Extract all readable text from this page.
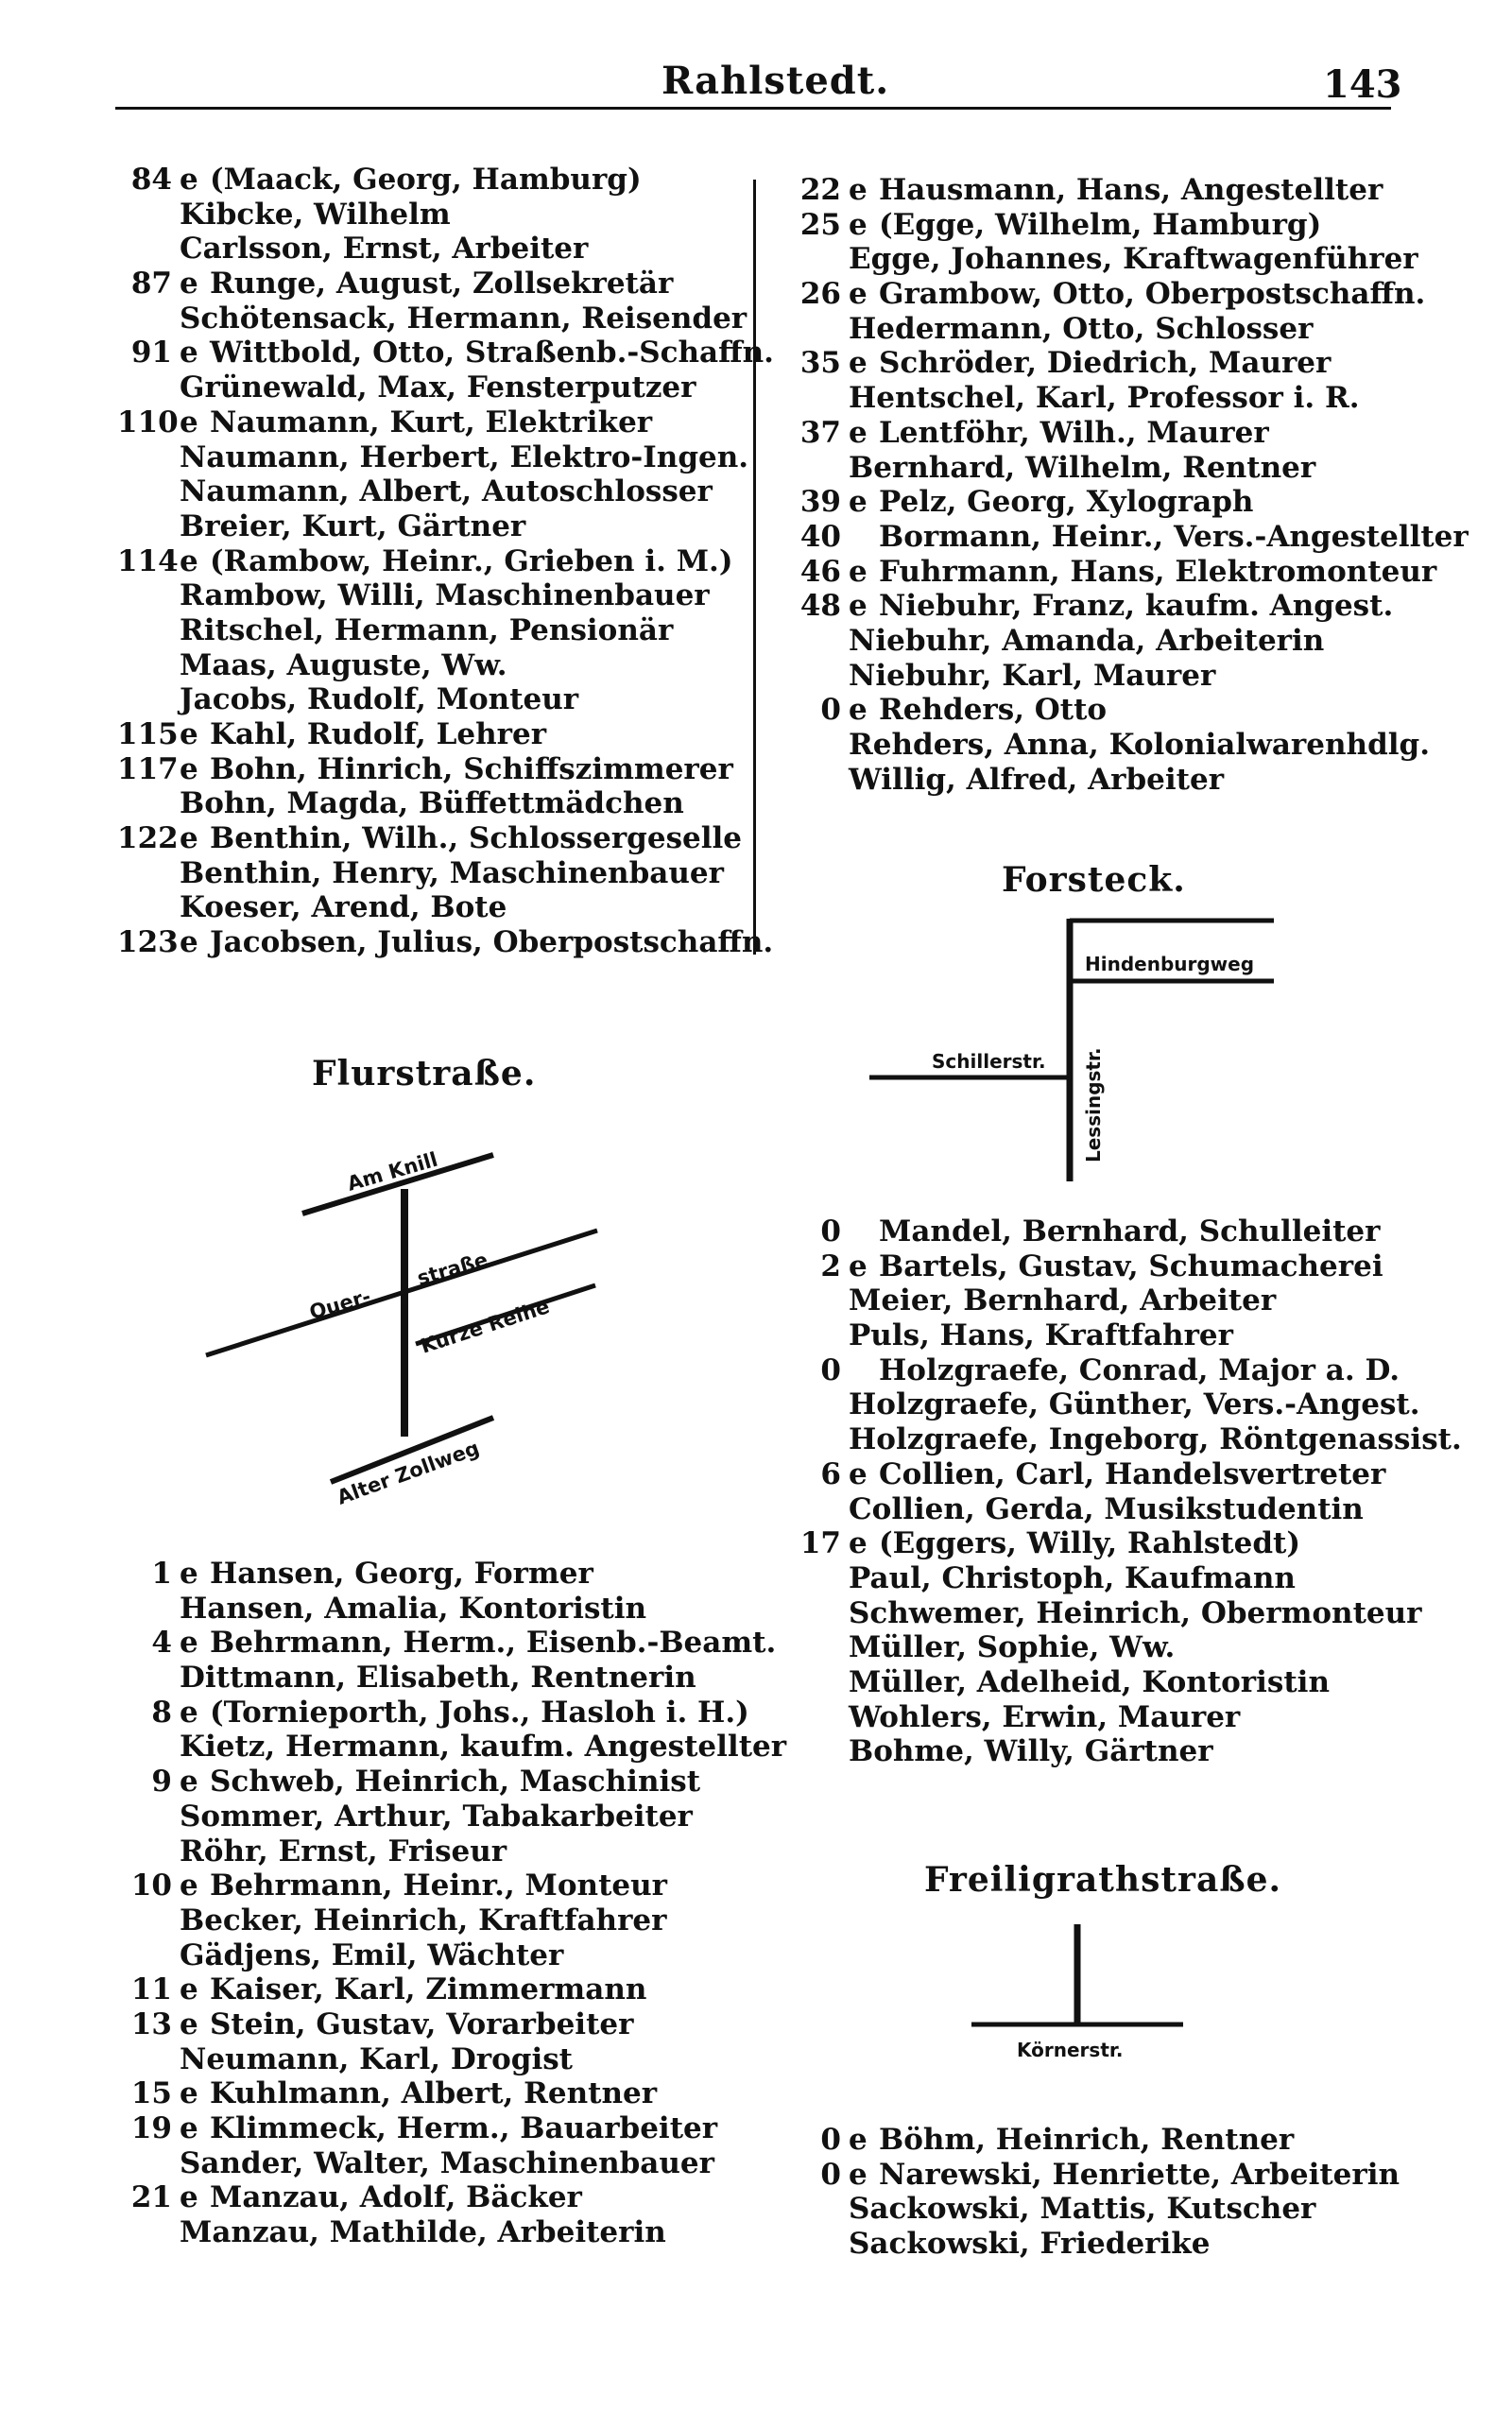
Rahlstedt.	143
84 e (Maack, Georg, Hamburg)
Kibcke, Wilhelm
Carlsson, Ernst, Arbeiter
87 e Runge, August, Zollsekretär
Schötensack, Hermann, Reisender
91 e Wittbold, Otto, Straßenb.-Schaffn.
Grünewald, Max, Fensterputzer
110e Naumann, Kurt, Elektriker
Naumann, Herbert, Elektro-Ingen.
Naumann, Albert, Autoschlosser
Breier, Kurt, Gärtner
114e (Rambow, Heinr., Grieben i. M.)
Rambow, Willi, Maschinenbauer
Ritschel, Hermann, Pensionär
Maas, Auguste, Ww.
Jacobs, Rudolf, Monteur
115e Kahl, Rudolf, Lehrer
117e Bohn, Hinrich, Schiffszimmerer
Bohn, Magda, Büffettmädchen
122e Benthin, Wilh., Schlossergeselle
Benthin, Henry, Maschinenbauer
Koeser, Arend, Bote
123e Jacobsen, Julius, Oberpostschaffn.
Flurstraße.
Am Knill
Quer-
straße
Kurze Reihe
Alter Zollweg
1 e Hansen, Georg, Former
Hansen, Amalia, Kontoristin
4 e Behrmann, Herm., Eisenb.-Beamt.
Dittmann, Elisabeth, Rentnerin
8 e (Tornieporth, Johs., Hasloh i. H.)
Kietz, Hermann, kaufm. Angestellter
9 e Schweb, Heinrich, Maschinist
Sommer, Arthur, Tabakarbeiter
Röhr, Ernst, Friseur
10 e Behrmann, Heinr., Monteur
Becker, Heinrich, Kraftfahrer
Gädjens, Emil, Wächter
11 e Kaiser, Karl, Zimmermann
13 e Stein, Gustav, Vorarbeiter
Neumann, Karl, Drogist
15 e Kuhlmann, Albert, Rentner
19 e Klimmeck, Herm., Bauarbeiter
Sander, Walter, Maschinenbauer
21 e Manzau, Adolf, Bäcker
Manzau, Mathilde, Arbeiterin
22 e Hausmann, Hans, Angestellter
25 e (Egge, Wilhelm, Hamburg)
Egge, Johannes, Kraftwagenführer
26 e Grambow, Otto, Oberpostschaffn.
Hedermann, Otto, Schlosser
35 e Schröder, Diedrich, Maurer
Hentschel, Karl, Professor i. R.
37 e Lentföhr, Wilh., Maurer
Bernhard, Wilhelm, Rentner
39 e Pelz, Georg, Xylograph
40 Bormann, Heinr., Vers.-Angestellter
46 e Fuhrmann, Hans, Elektromonteur
48 e Niebuhr, Franz, kaufm. Angest.
Niebuhr, Amanda, Arbeiterin
Niebuhr, Karl, Maurer
0 e Rehders, Otto
Rehders, Anna, Kolonialwarenhdlg.
Willig, Alfred, Arbeiter
Forsteck.
Hindenburgweg
Schillerstr. Lessingstr.
0 Mandel, Bernhard, Schulleiter
2 e Bartels, Gustav, Schumacherei
Meier, Bernhard, Arbeiter
Puls, Hans, Kraftfahrer
0 Holzgraefe, Conrad, Major a. D.
Holzgraefe, Günther, Vers.-Angest.
Holzgraefe, Ingeborg, Röntgenassist.
6 e Collien, Carl, Handelsvertreter
Collien, Gerda, Musikstudentin
17 e (Eggers, Willy, Rahlstedt)
Paul, Christoph, Kaufmann
Schwemer, Heinrich, Obermonteur
Müller, Sophie, Ww.
Müller, Adelheid, Kontoristin
Wohlers, Erwin, Maurer
Bohme, Willy, Gärtner
Freiligrathstraße.
Körnerstr.
0 e Böhm, Heinrich, Rentner
0 e Narewski, Henriette, Arbeiterin
Sackowski, Mattis, Kutscher
Sackowski, Friederike
